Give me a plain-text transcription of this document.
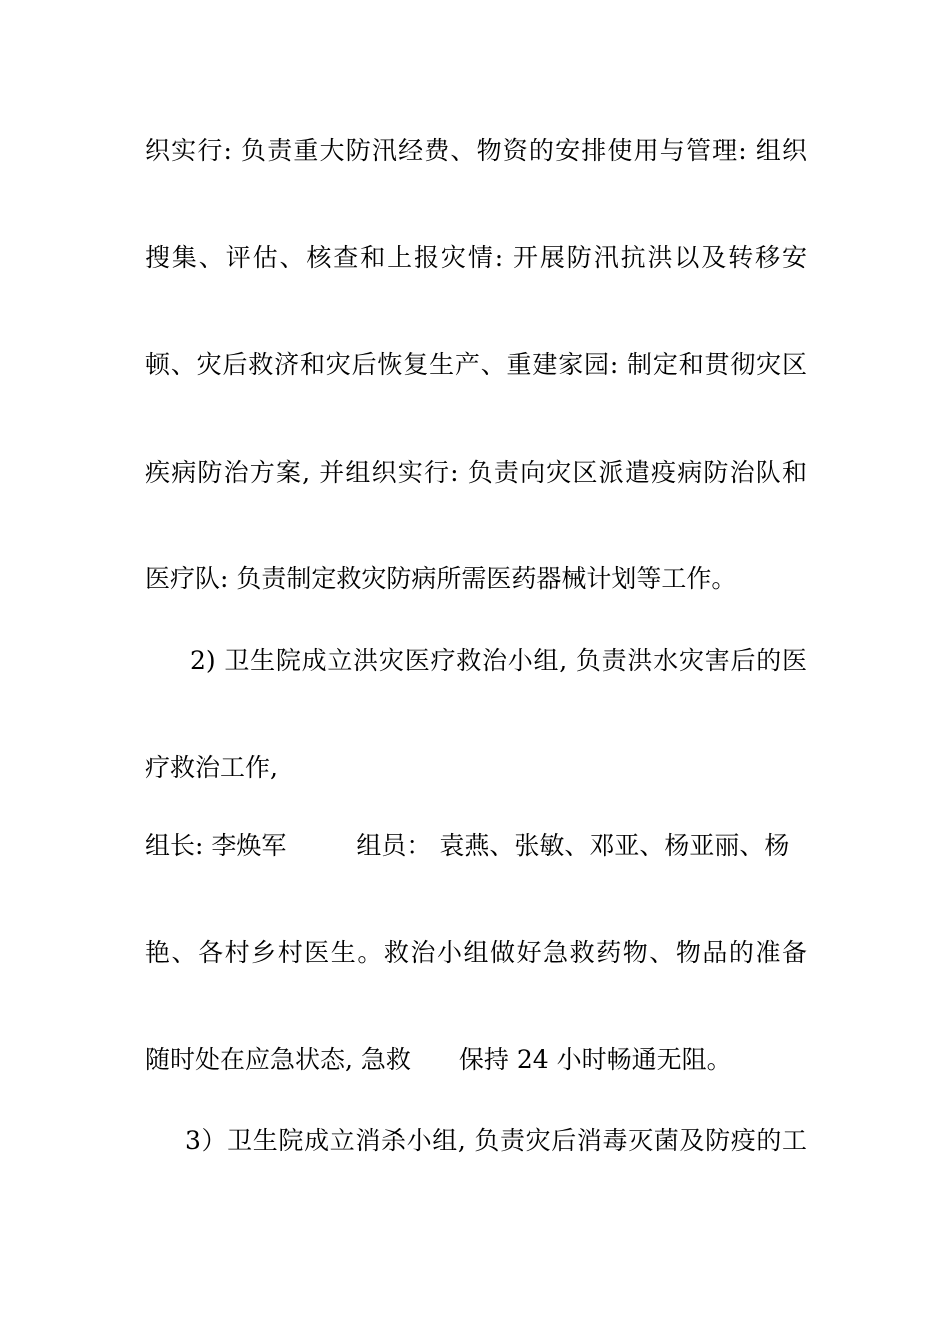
织实行: 负责重大防汛经费、物资的安排使用与管理: 组织
搜集、评估、核查和上报灾情: 开展防汛抗洪以及转移安
顿、灾后救济和灾后恢复生产、重建家园: 制定和贯彻灾区
疾病防治方案, 并组织实行: 负责向灾区派遣疫病防治队和
医疗队: 负责制定救灾防病所需医药器械计划等工作。
2) 卫生院成立洪灾医疗救治小组, 负责洪水灾害后的医
疗救治工作,
组长: 李焕军	组员： 袁燕、张敏、邓亚、杨亚丽、杨
艳、各村乡村医生。救治小组做好急救药物、物品的准备
随时处在应急状态, 急救 保持 24 小时畅通无阻。
3）卫生院成立消杀小组, 负责灾后消毒灭菌及防疫的工
